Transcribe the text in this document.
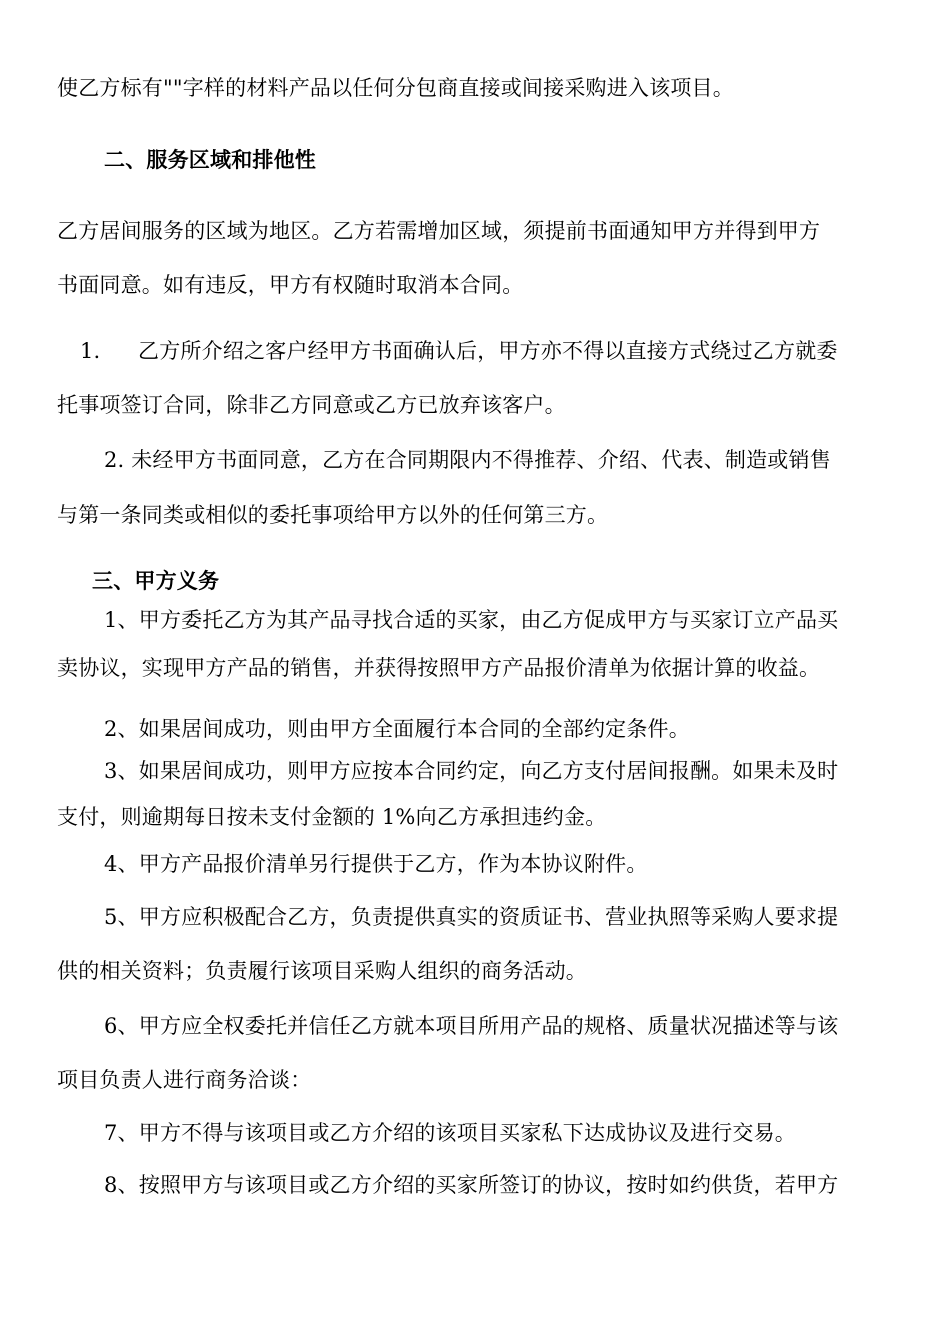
使乙方标有""字样的材料产品以任何分包商直接或间接采购进入该项目。
二、服务区域和排他性
乙方居间服务的区域为地区。乙方若需增加区域，须提前书面通知甲方并得到甲方
书面同意。如有违反，甲方有权随时取消本合同。
1. 乙方所介绍之客户经甲方书面确认后，甲方亦不得以直接方式绕过乙方就委
托事项签订合同，除非乙方同意或乙方已放弃该客户。
2. 未经甲方书面同意，乙方在合同期限内不得推荐、介绍、代表、制造或销售
与第一条同类或相似的委托事项给甲方以外的任何第三方。
三、甲方义务
1、甲方委托乙方为其产品寻找合适的买家，由乙方促成甲方与买家订立产品买
卖协议，实现甲方产品的销售，并获得按照甲方产品报价清单为依据计算的收益。
2、如果居间成功，则由甲方全面履行本合同的全部约定条件。
3、如果居间成功，则甲方应按本合同约定，向乙方支付居间报酬。如果未及时
支付，则逾期每日按未支付金额的 1%向乙方承担违约金。
4、甲方产品报价清单另行提供于乙方，作为本协议附件。
5、甲方应积极配合乙方，负责提供真实的资质证书、营业执照等采购人要求提
供的相关资料；负责履行该项目采购人组织的商务活动。
6、甲方应全权委托并信任乙方就本项目所用产品的规格、质量状况描述等与该
项目负责人进行商务洽谈：
7、甲方不得与该项目或乙方介绍的该项目买家私下达成协议及进行交易。
8、按照甲方与该项目或乙方介绍的买家所签订的协议，按时如约供货，若甲方
